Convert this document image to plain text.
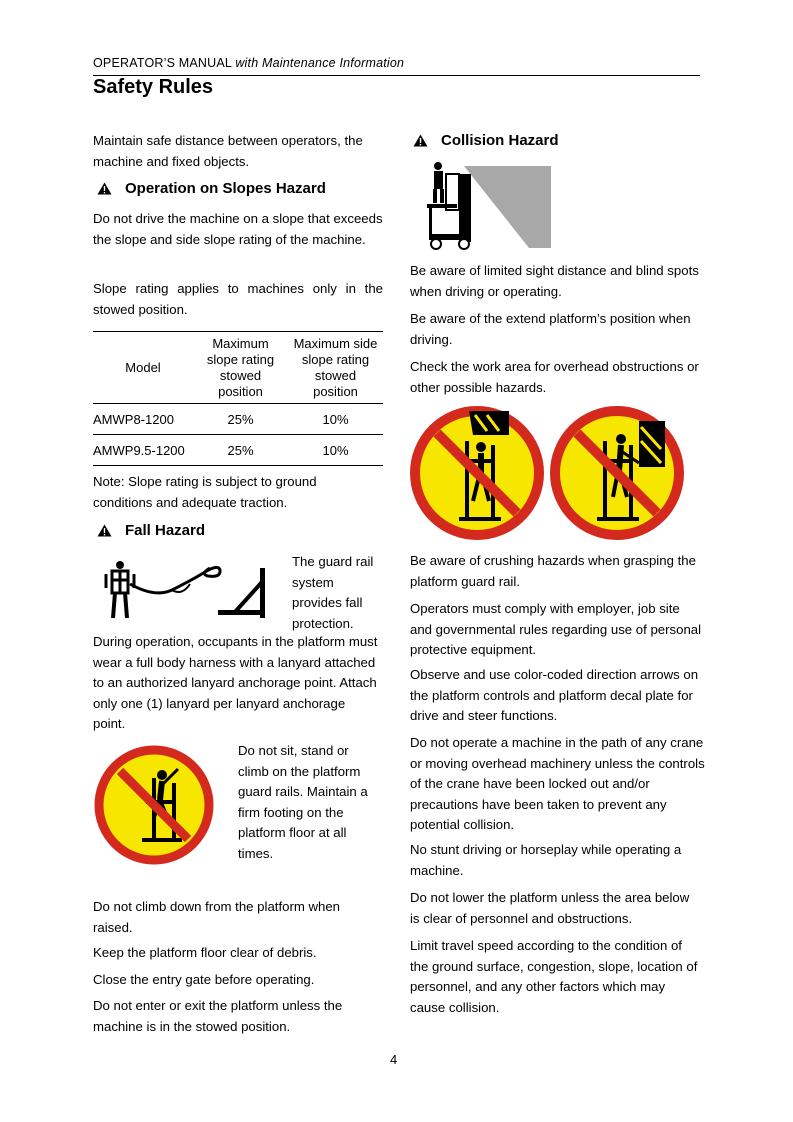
OPERATOR’S MANUAL with Maintenance Information
Safety Rules

Maintain safe distance between operators, the machine and fixed objects.

Operation on Slopes Hazard

Do not drive the machine on a slope that exceeds the slope and side slope rating of the machine.

Slope rating applies to machines only in the stowed position.

Model	Maximum
slope rating
stowed
position	Maximum side
slope rating
stowed
position
AMWP8-1200	25%	10%
AMWP9.5-1200	25%	10%

Note: Slope rating is subject to ground conditions and adequate traction.

Fall Hazard
The guard rail
system
provides fall
protection.

During operation, occupants in the platform must wear a full body harness with a lanyard attached to an authorized lanyard anchorage point. Attach only one (1) lanyard per lanyard anchorage point.

Do not sit, stand or
climb on the platform
guard rails. Maintain a
firm footing on the
platform floor at all
times.

Do not climb down from the platform when raised.

Keep the platform floor clear of debris.

Close the entry gate before operating.

Do not enter or exit the platform unless the machine is in the stowed position.

Collision Hazard

Be aware of limited sight distance and blind spots when driving or operating.

Be aware of the extend platform’s position when driving.

Check the work area for overhead obstructions or other possible hazards.

Be aware of crushing hazards when grasping the platform guard rail.

Operators must comply with employer, job site and governmental rules regarding use of personal protective equipment.

Observe and use color-coded direction arrows on the platform controls and platform decal plate for drive and steer functions.

Do not operate a machine in the path of any crane or moving overhead machinery unless the controls of the crane have been locked out and/or precautions have been taken to prevent any potential collision.

No stunt driving or horseplay while operating a machine.

Do not lower the platform unless the area below is clear of personnel and obstructions.

Limit travel speed according to the condition of the ground surface, congestion, slope, location of personnel, and any other factors which may cause collision.

4
